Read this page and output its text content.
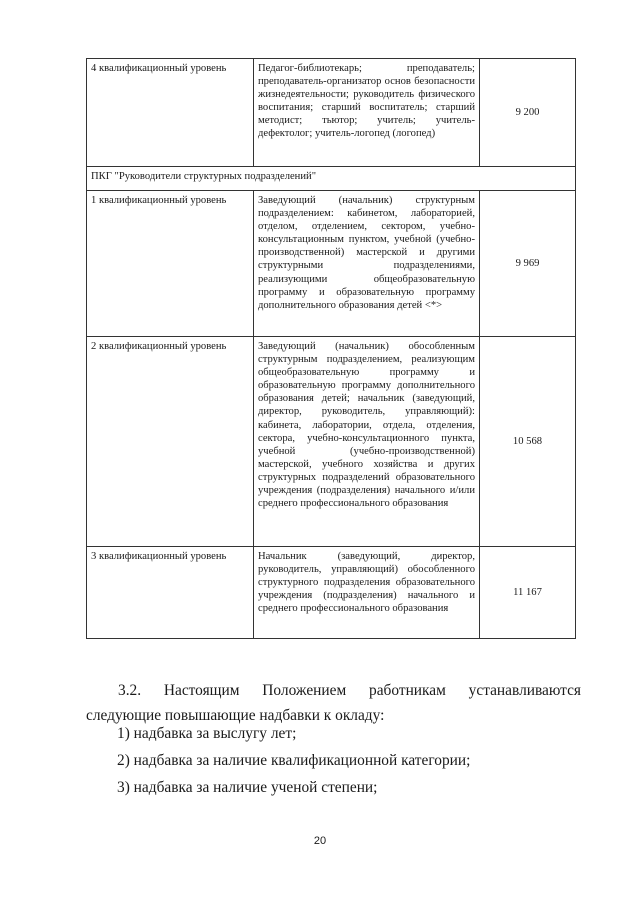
4 квалификационный уровень	Педагог-библиотекарь; преподаватель; преподаватель-организатор основ безопасности жизнедеятельности; руководитель физического воспитания; старший воспитатель; старший методист; тьютор; учитель; учитель-дефектолог; учитель-логопед (логопед)	9 200
ПКГ "Руководители структурных подразделений"		
1 квалификационный уровень	Заведующий (начальник) структурным подразделением: кабинетом, лабораторией, отделом, отделением, сектором, учебно-консультационным пунктом, учебной (учебно-производственной) мастерской и другими структурными подразделениями, реализующими общеобразовательную программу и образовательную программу дополнительного образования детей <*>	9 969
2 квалификационный уровень	Заведующий (начальник) обособленным структурным подразделением, реализующим общеобразовательную программу и образовательную программу дополнительного образования детей; начальник (заведующий, директор, руководитель, управляющий): кабинета, лаборатории, отдела, отделения, сектора, учебно-консультационного пункта, учебной (учебно-производственной) мастерской, учебного хозяйства и других структурных подразделений образовательного учреждения (подразделения) начального и/или среднего профессионального образования	10 568
3 квалификационный уровень	Начальник (заведующий, директор, руководитель, управляющий) обособленного структурного подразделения образовательного учреждения (подразделения) начального и среднего профессионального образования	11 167
3.2. Настоящим Положением работникам устанавливаются следующие повышающие надбавки к окладу:
1) надбавка за выслугу лет;
2) надбавка за наличие квалификационной категории;
3) надбавка за наличие ученой степени;
20
